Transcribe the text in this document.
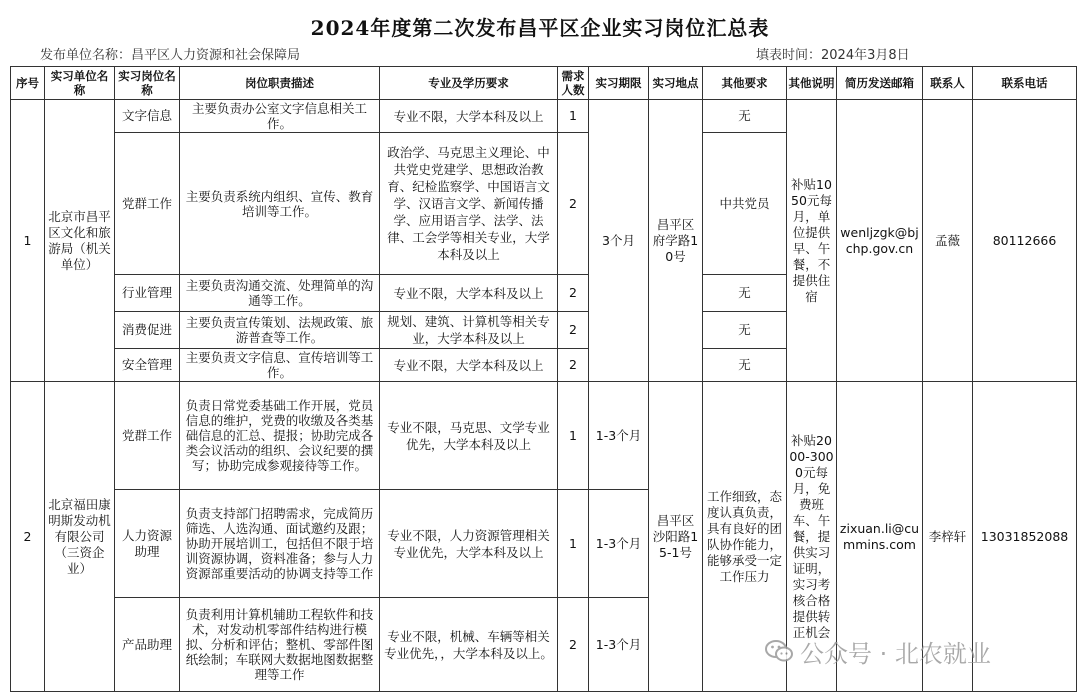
2024年度第二次发布昌平区企业实习岗位汇总表
发布单位名称：昌平区人力资源和社会保障局	填表时间：2024年3月8日
序号	实习单位名称	实习岗位名称	岗位职责描述	专业及学历要求	需求人数	实习期限	实习地点	其他要求	其他说明	简历发送邮箱	联系人	联系电话
1	北京市昌平区文化和旅游局（机关单位）	文字信息	主要负责办公室文字信息相关工作。	专业不限，大学本科及以上	1	3个月	昌平区府学路10号	无	补贴1050元每月，单位提供早、午餐，不提供住宿	wenljzgk@bjchp.gov.cn	孟薇	80112666
		党群工作	主要负责系统内组织、宣传、教育培训等工作。	政治学、马克思主义理论、中共党史党建学、思想政治教育、纪检监察学、中国语言文学、汉语言文学、新闻传播学、应用语言学、法学、法律、工会学等相关专业，大学本科及以上	2			中共党员				
		行业管理	主要负责沟通交流、处理简单的沟通等工作。	专业不限，大学本科及以上	2			无				
		消费促进	主要负责宣传策划、法规政策、旅游普查等工作。	规划、建筑、计算机等相关专业，大学本科及以上	2			无				
		安全管理	主要负责文字信息、宣传培训等工作。	专业不限，大学本科及以上	2			无				
2	北京福田康明斯发动机有限公司（三资企业）	党群工作	负责日常党委基础工作开展，党员信息的维护，党费的收缴及各类基础信息的汇总、提报；协助完成各类会议活动的组织、会议纪要的撰写；协助完成参观接待等工作。	专业不限，马克思、文学专业优先，大学本科及以上	1	1-3个月	昌平区沙阳路15-1号	工作细致，态度认真负责，具有良好的团队协作能力，能够承受一定工作压力	补贴2000-3000元每月，免费班车、午餐，提供实习证明，实习考核合格提供转正机会	zixuan.li@cummins.com	李梓轩	13031852088
		人力资源助理	负责支持部门招聘需求，完成简历筛选、人选沟通、面试邀约及跟；协助开展培训工，包括但不限于培训资源协调，资料准备；参与人力资源部重要活动的协调支持等工作	专业不限，人力资源管理相关专业优先，大学本科及以上	1	1-3个月						
		产品助理	负责利用计算机辅助工程软件和技术，对发动机零部件结构进行模拟、分析和评估；整机、零部件图纸绘制；车联网大数据地图数据整理等工作	专业不限，机械、车辆等相关专业优先，，大学本科及以上。	2	1-3个月							公众号 · 北农就业
